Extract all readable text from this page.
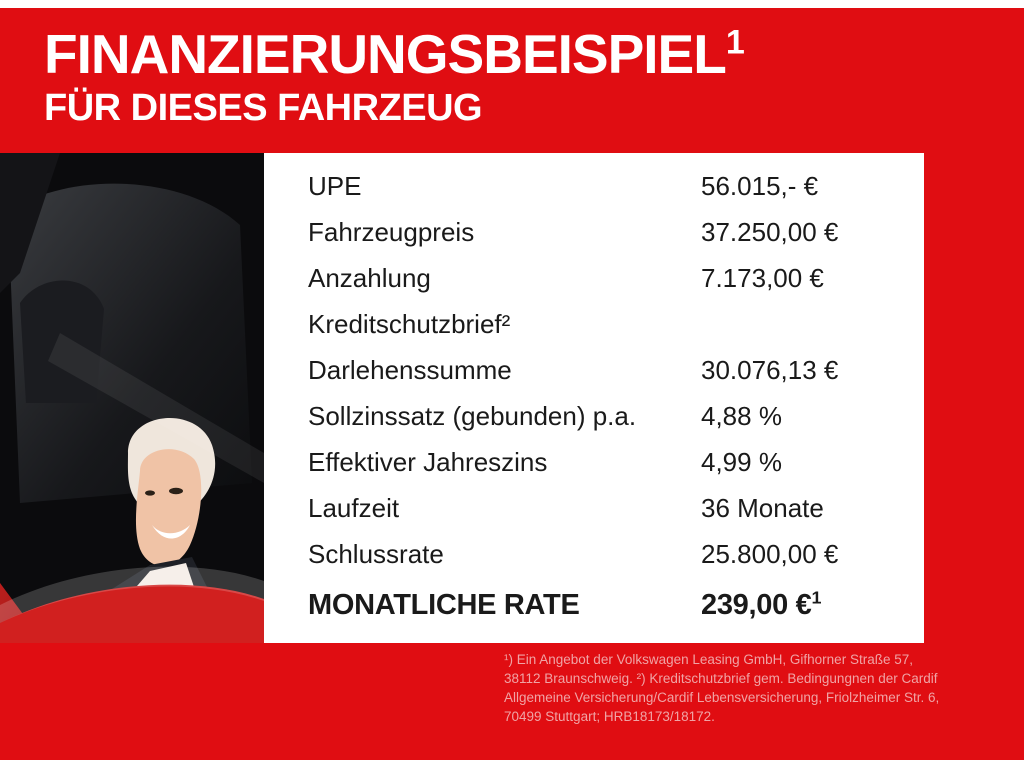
FINANZIERUNGSBEISPIEL$^1$
FÜR DIESES FAHRZEUG
UPE	56.015,- €
Fahrzeugpreis	37.250,00 €
Anzahlung	7.173,00 €
Kreditschutzbrief²
Darlehenssumme	30.076,13 €
Sollzinssatz (gebunden) p.a.	4,88 %
Effektiver Jahreszins	4,99 %
Laufzeit	36 Monate
Schlussrate	25.800,00 €
MONATLICHE RATE	239,00 €$^1$
¹) Ein Angebot der Volkswagen Leasing GmbH, Gifhorner Straße 57, 38112 Braunschweig. ²) Kreditschutzbrief gem. Bedingungnen der Cardif Allgemeine Versicherung/Cardif Lebensversicherung, Friolzheimer Str. 6, 70499 Stuttgart; HRB18173/18172.
